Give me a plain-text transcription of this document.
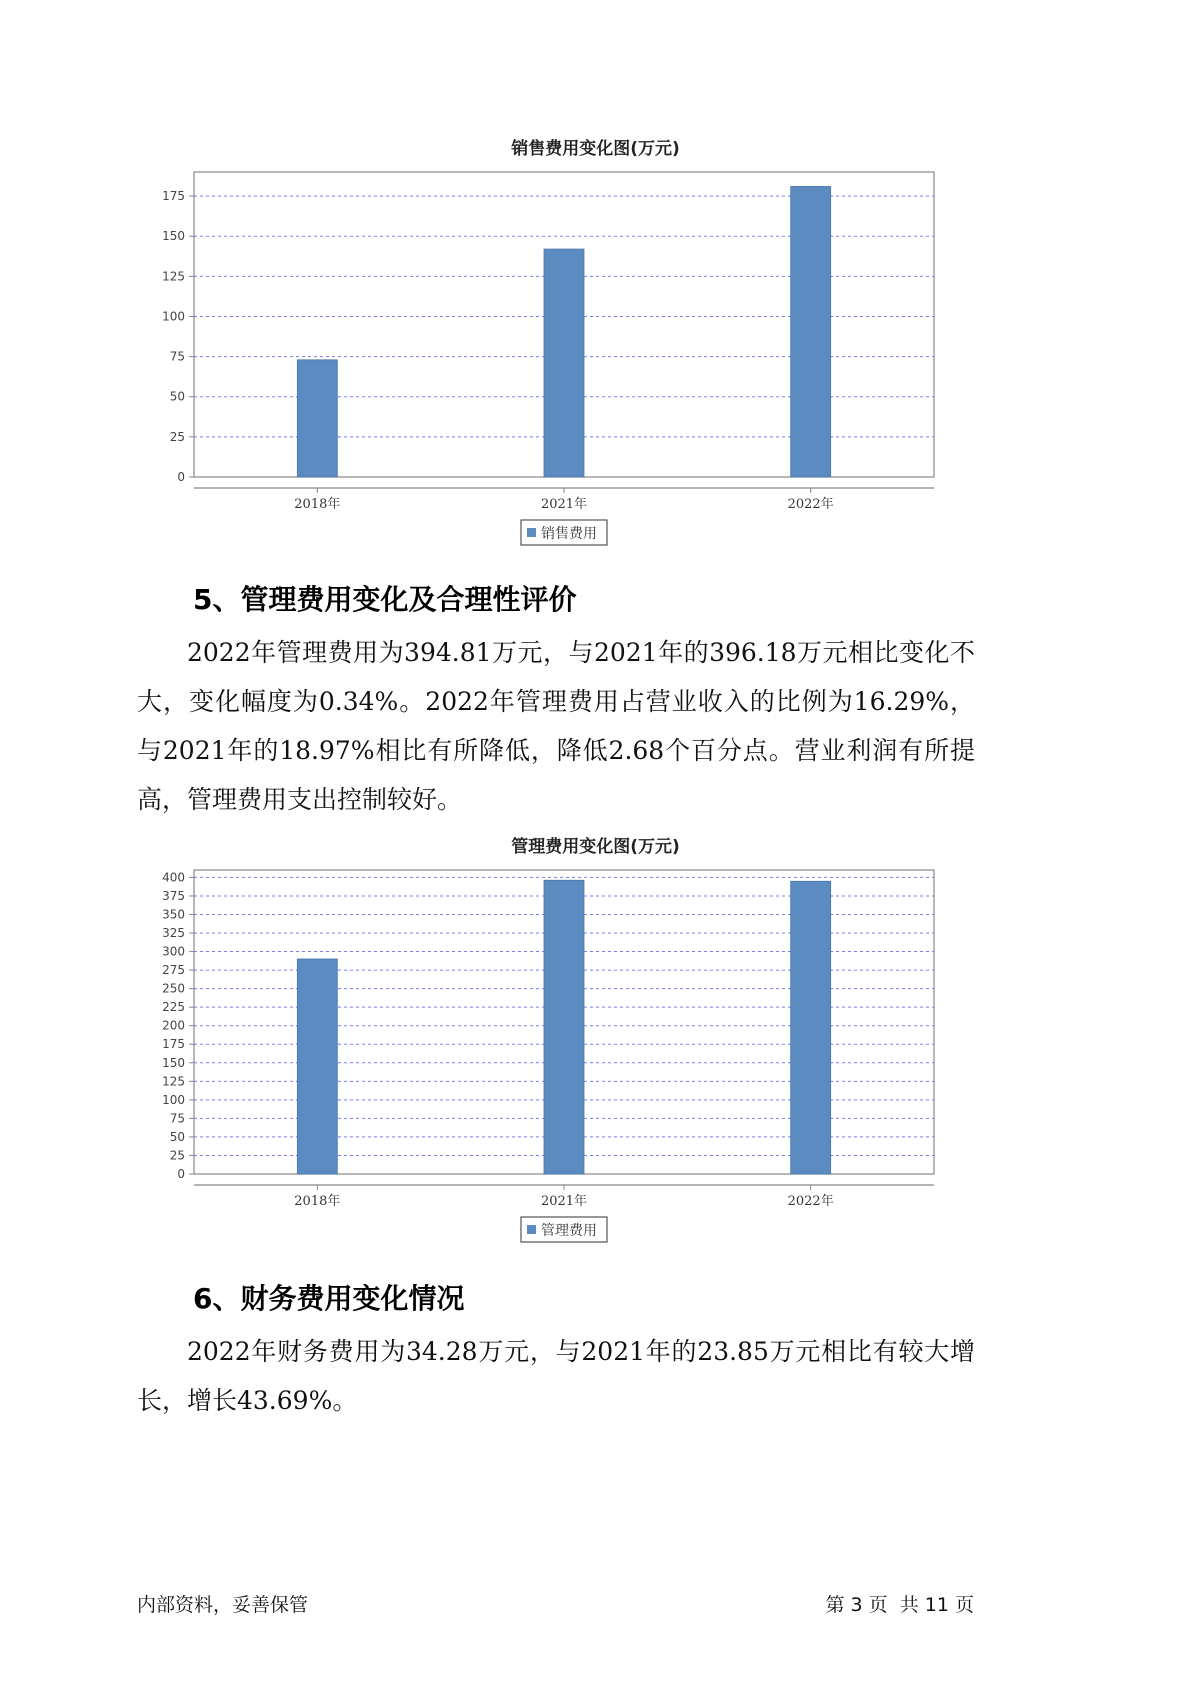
销售费用变化图(万元)
0
25
50
75
100
125
150
175
2018年	2021年	2022年
销售费用
5、管理费用变化及合理性评价
2022年管理费用为394.81万元，与2021年的396.18万元相比变化不大，变化幅度为0.34%。2022年管理费用占营业收入的比例为16.29%，与2021年的18.97%相比有所降低，降低2.68个百分点。营业利润有所提高，管理费用支出控制较好。
管理费用变化图(万元)
0
25
50
75
100
125
150
175
200
225
250
275
300
325
350
375
400
2018年	2021年	2022年
管理费用
6、财务费用变化情况
2022年财务费用为34.28万元，与2021年的23.85万元相比有较大增长，增长43.69%。
内部资料，妥善保管	第 3 页  共 11 页
